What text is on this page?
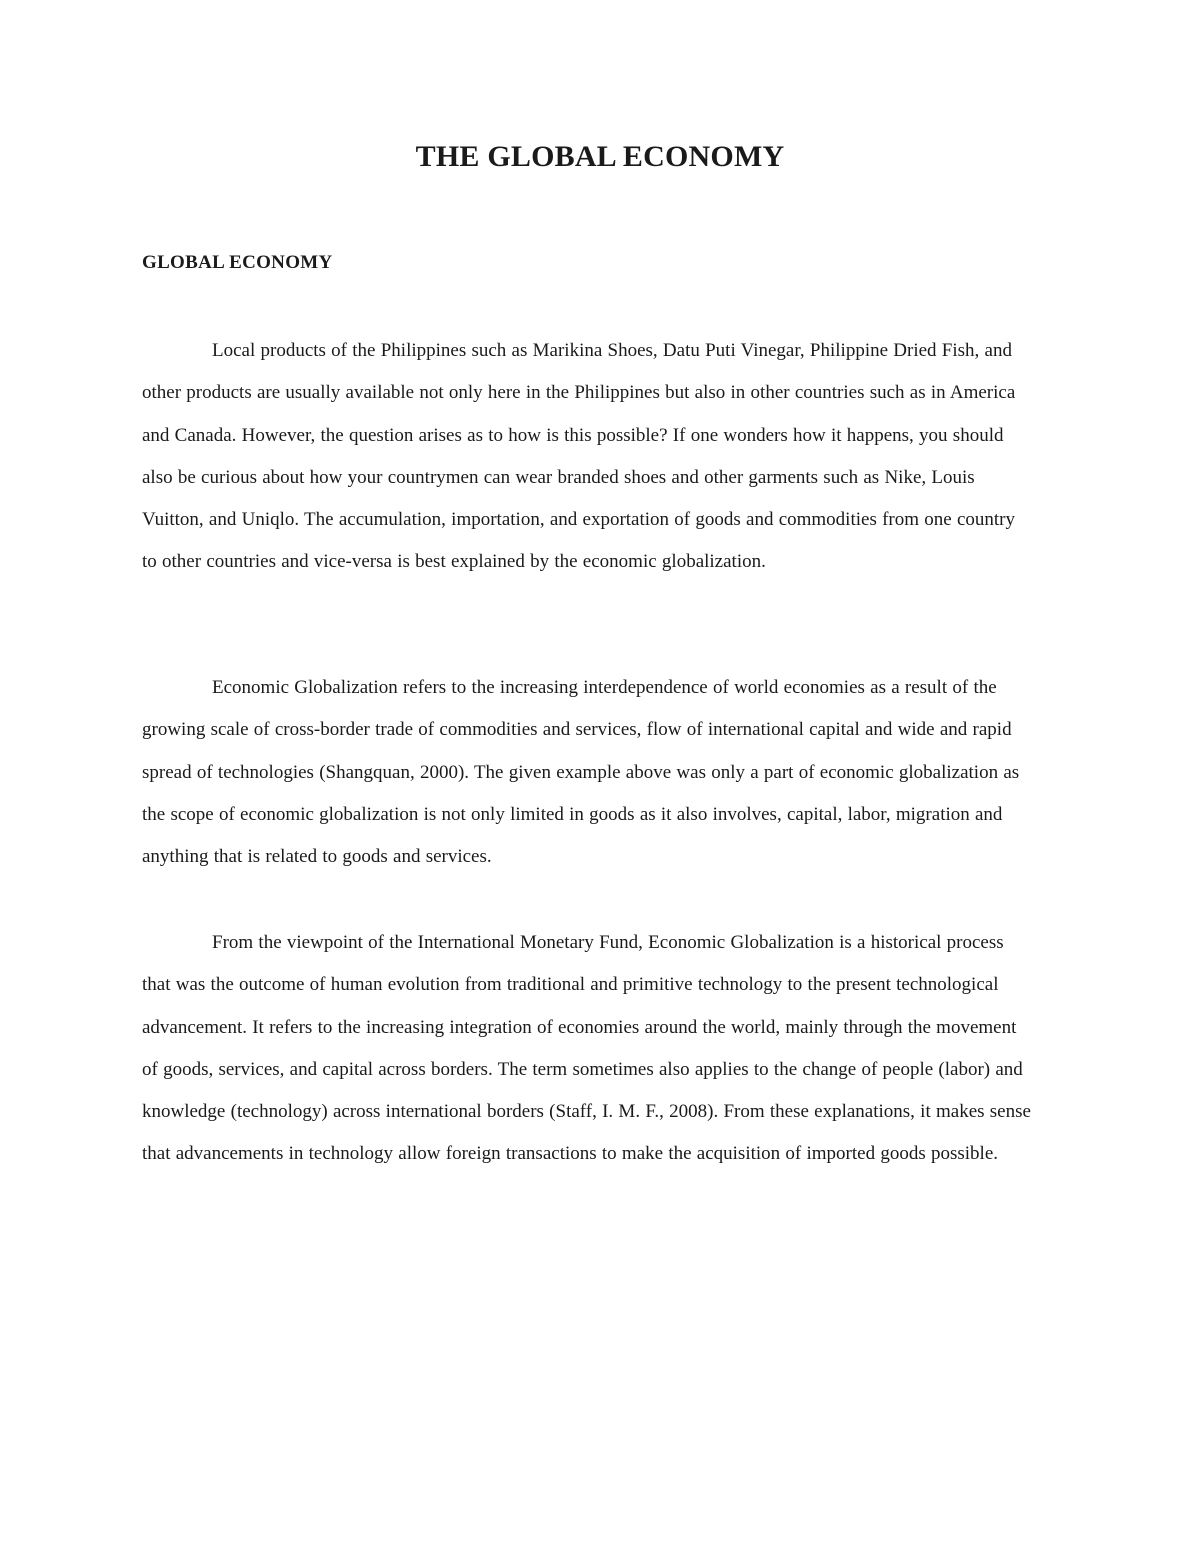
THE GLOBAL ECONOMY
GLOBAL ECONOMY

Local products of the Philippines such as Marikina Shoes, Datu Puti Vinegar, Philippine Dried Fish, and other products are usually available not only here in the Philippines but also in other countries such as in America and Canada. However, the question arises as to how is this possible? If one wonders how it happens, you should also be curious about how your countrymen can wear branded shoes and other garments such as Nike, Louis Vuitton, and Uniqlo. The accumulation, importation, and exportation of goods and commodities from one country to other countries and vice-versa is best explained by the economic globalization.

Economic Globalization refers to the increasing interdependence of world economies as a result of the growing scale of cross-border trade of commodities and services, flow of international capital and wide and rapid spread of technologies (Shangquan, 2000). The given example above was only a part of economic globalization as the scope of economic globalization is not only limited in goods as it also involves, capital, labor, migration and anything that is related to goods and services.

From the viewpoint of the International Monetary Fund, Economic Globalization is a historical process that was the outcome of human evolution from traditional and primitive technology to the present technological advancement. It refers to the increasing integration of economies around the world, mainly through the movement of goods, services, and capital across borders. The term sometimes also applies to the change of people (labor) and knowledge (technology) across international borders (Staff, I. M. F., 2008). From these explanations, it makes sense that advancements in technology allow foreign transactions to make the acquisition of imported goods possible.
